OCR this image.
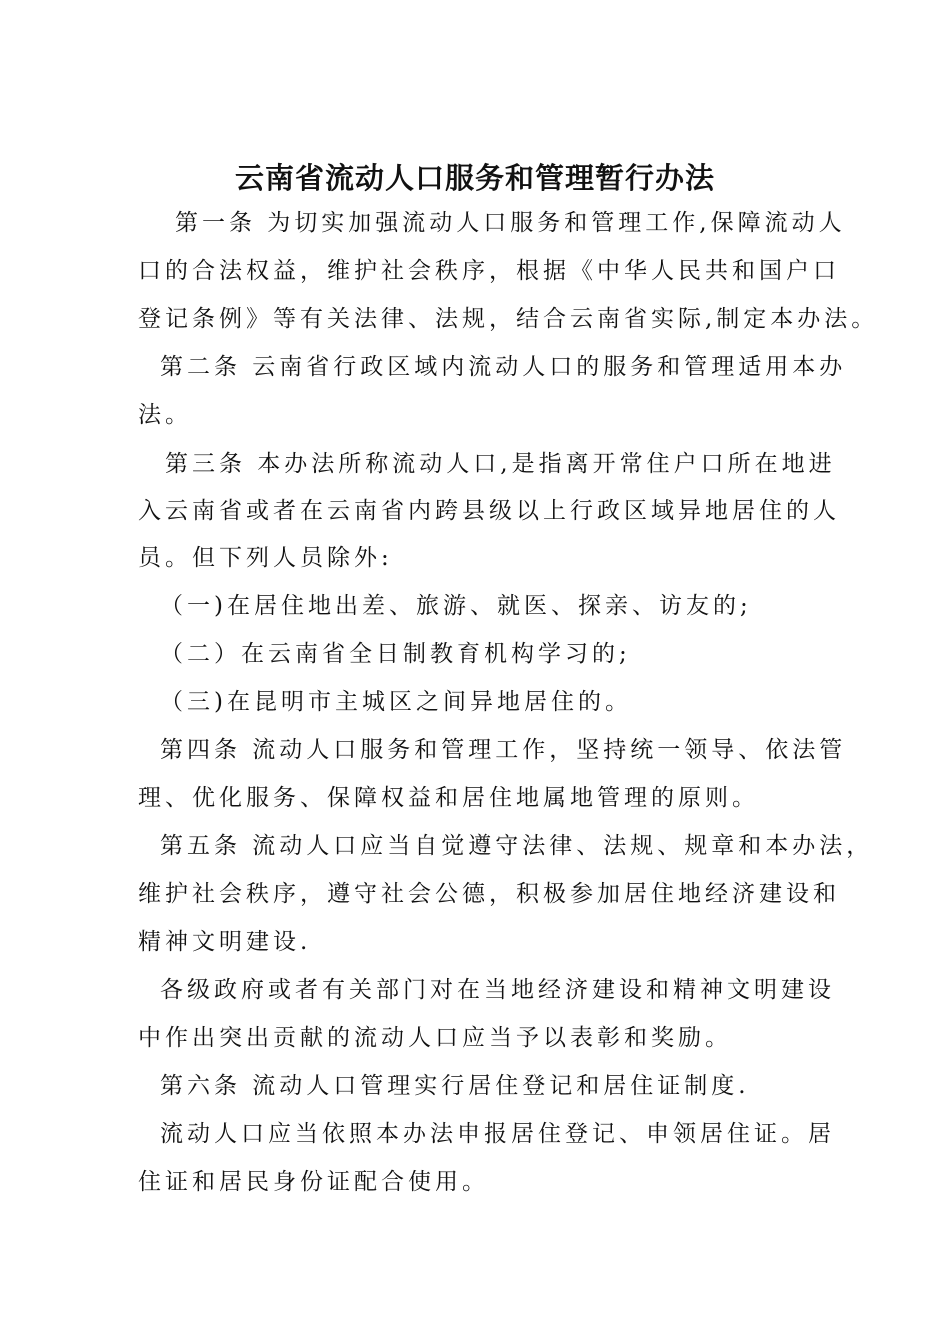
云南省流动人口服务和管理暂行办法
第一条 为切实加强流动人口服务和管理工作,保障流动人
口的合法权益，维护社会秩序，根据《中华人民共和国户口
登记条例》等有关法律、法规，结合云南省实际,制定本办法。
第二条 云南省行政区域内流动人口的服务和管理适用本办
法。
第三条 本办法所称流动人口,是指离开常住户口所在地进
入云南省或者在云南省内跨县级以上行政区域异地居住的人
员。但下列人员除外:
（一)在居住地出差、旅游、就医、探亲、访友的;
（二）在云南省全日制教育机构学习的;
（三)在昆明市主城区之间异地居住的。
第四条 流动人口服务和管理工作，坚持统一领导、依法管
理、优化服务、保障权益和居住地属地管理的原则。
第五条 流动人口应当自觉遵守法律、法规、规章和本办法，
维护社会秩序，遵守社会公德，积极参加居住地经济建设和
精神文明建设.
各级政府或者有关部门对在当地经济建设和精神文明建设
中作出突出贡献的流动人口应当予以表彰和奖励。
第六条 流动人口管理实行居住登记和居住证制度.
流动人口应当依照本办法申报居住登记、申领居住证。居
住证和居民身份证配合使用。
